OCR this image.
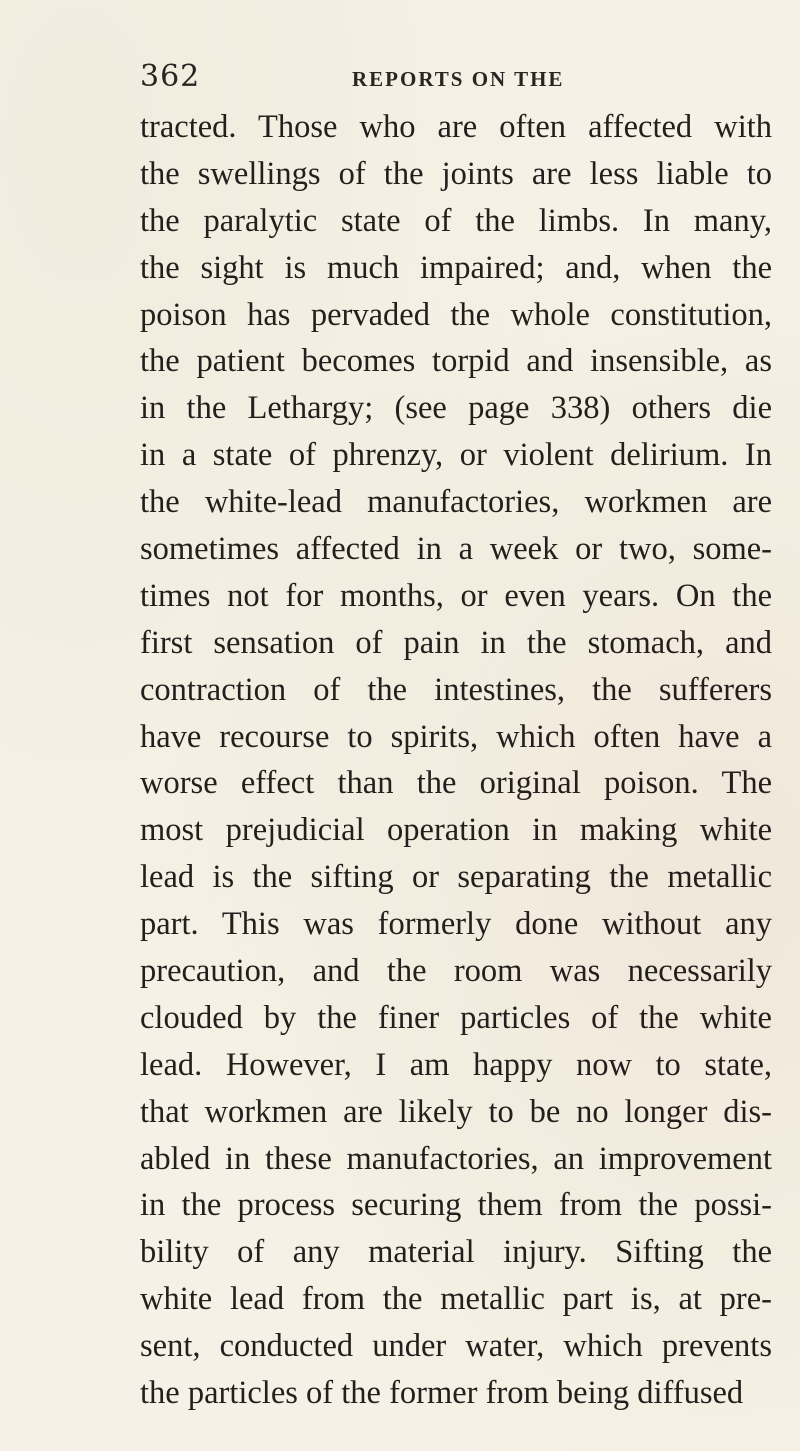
362	REPORTS ON THE
tracted. Those who are often affected with
the swellings of the joints are less liable to
the paralytic state of the limbs. In many,
the sight is much impaired; and, when the
poison has pervaded the whole constitution,
the patient becomes torpid and insensible, as
in the Lethargy; (see page 338) others die
in a state of phrenzy, or violent delirium. In
the white-lead manufactories, workmen are
sometimes affected in a week or two, some-
times not for months, or even years. On the
first sensation of pain in the stomach, and
contraction of the intestines, the sufferers
have recourse to spirits, which often have a
worse effect than the original poison. The
most prejudicial operation in making white
lead is the sifting or separating the metallic
part. This was formerly done without any
precaution, and the room was necessarily
clouded by the finer particles of the white
lead. However, I am happy now to state,
that workmen are likely to be no longer dis-
abled in these manufactories, an improvement
in the process securing them from the possi-
bility of any material injury. Sifting the
white lead from the metallic part is, at pre-
sent, conducted under water, which prevents
the particles of the former from being diffused
